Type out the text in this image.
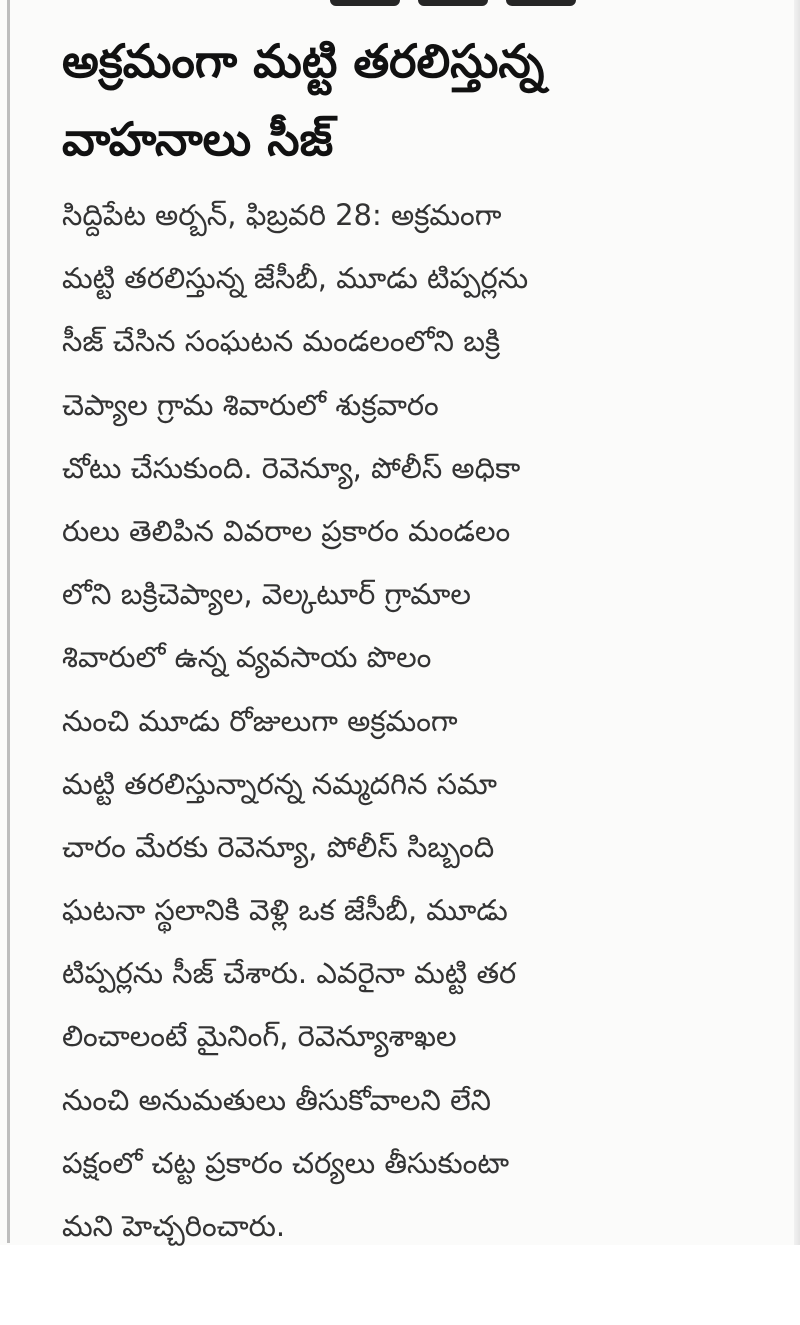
అక్రమంగా మట్టి తరలిస్తున్న
వాహనాలు సీజ్
సిద్దిపేట అర్బన్, ఫిబ్రవరి 28: అక్రమంగా
మట్టి తరలిస్తున్న జేసీబీ, మూడు టిప్పర్లను
సీజ్ చేసిన సంఘటన మండలంలోని బక్రి
చెప్యాల గ్రామ శివారులో శుక్రవారం
చోటు చేసుకుంది. రెవెన్యూ, పోలీస్ అధికా
రులు తెలిపిన వివరాల ప్రకారం మండలం
లోని బక్రిచెప్యాల, వెల్కటూర్ గ్రామాల
శివారులో ఉన్న వ్యవసాయ పొలం
నుంచి మూడు రోజులుగా అక్రమంగా
మట్టి తరలిస్తున్నారన్న నమ్మదగిన సమా
చారం మేరకు రెవెన్యూ, పోలీస్ సిబ్బంది
ఘటనా స్థలానికి వెళ్లి ఒక జేసీబీ, మూడు
టిప్పర్లను సీజ్ చేశారు. ఎవరైనా మట్టి తర
లించాలంటే మైనింగ్, రెవెన్యూశాఖల
నుంచి అనుమతులు తీసుకోవాలని లేని
పక్షంలో చట్ట ప్రకారం చర్యలు తీసుకుంటా
మని హెచ్చరించారు.
